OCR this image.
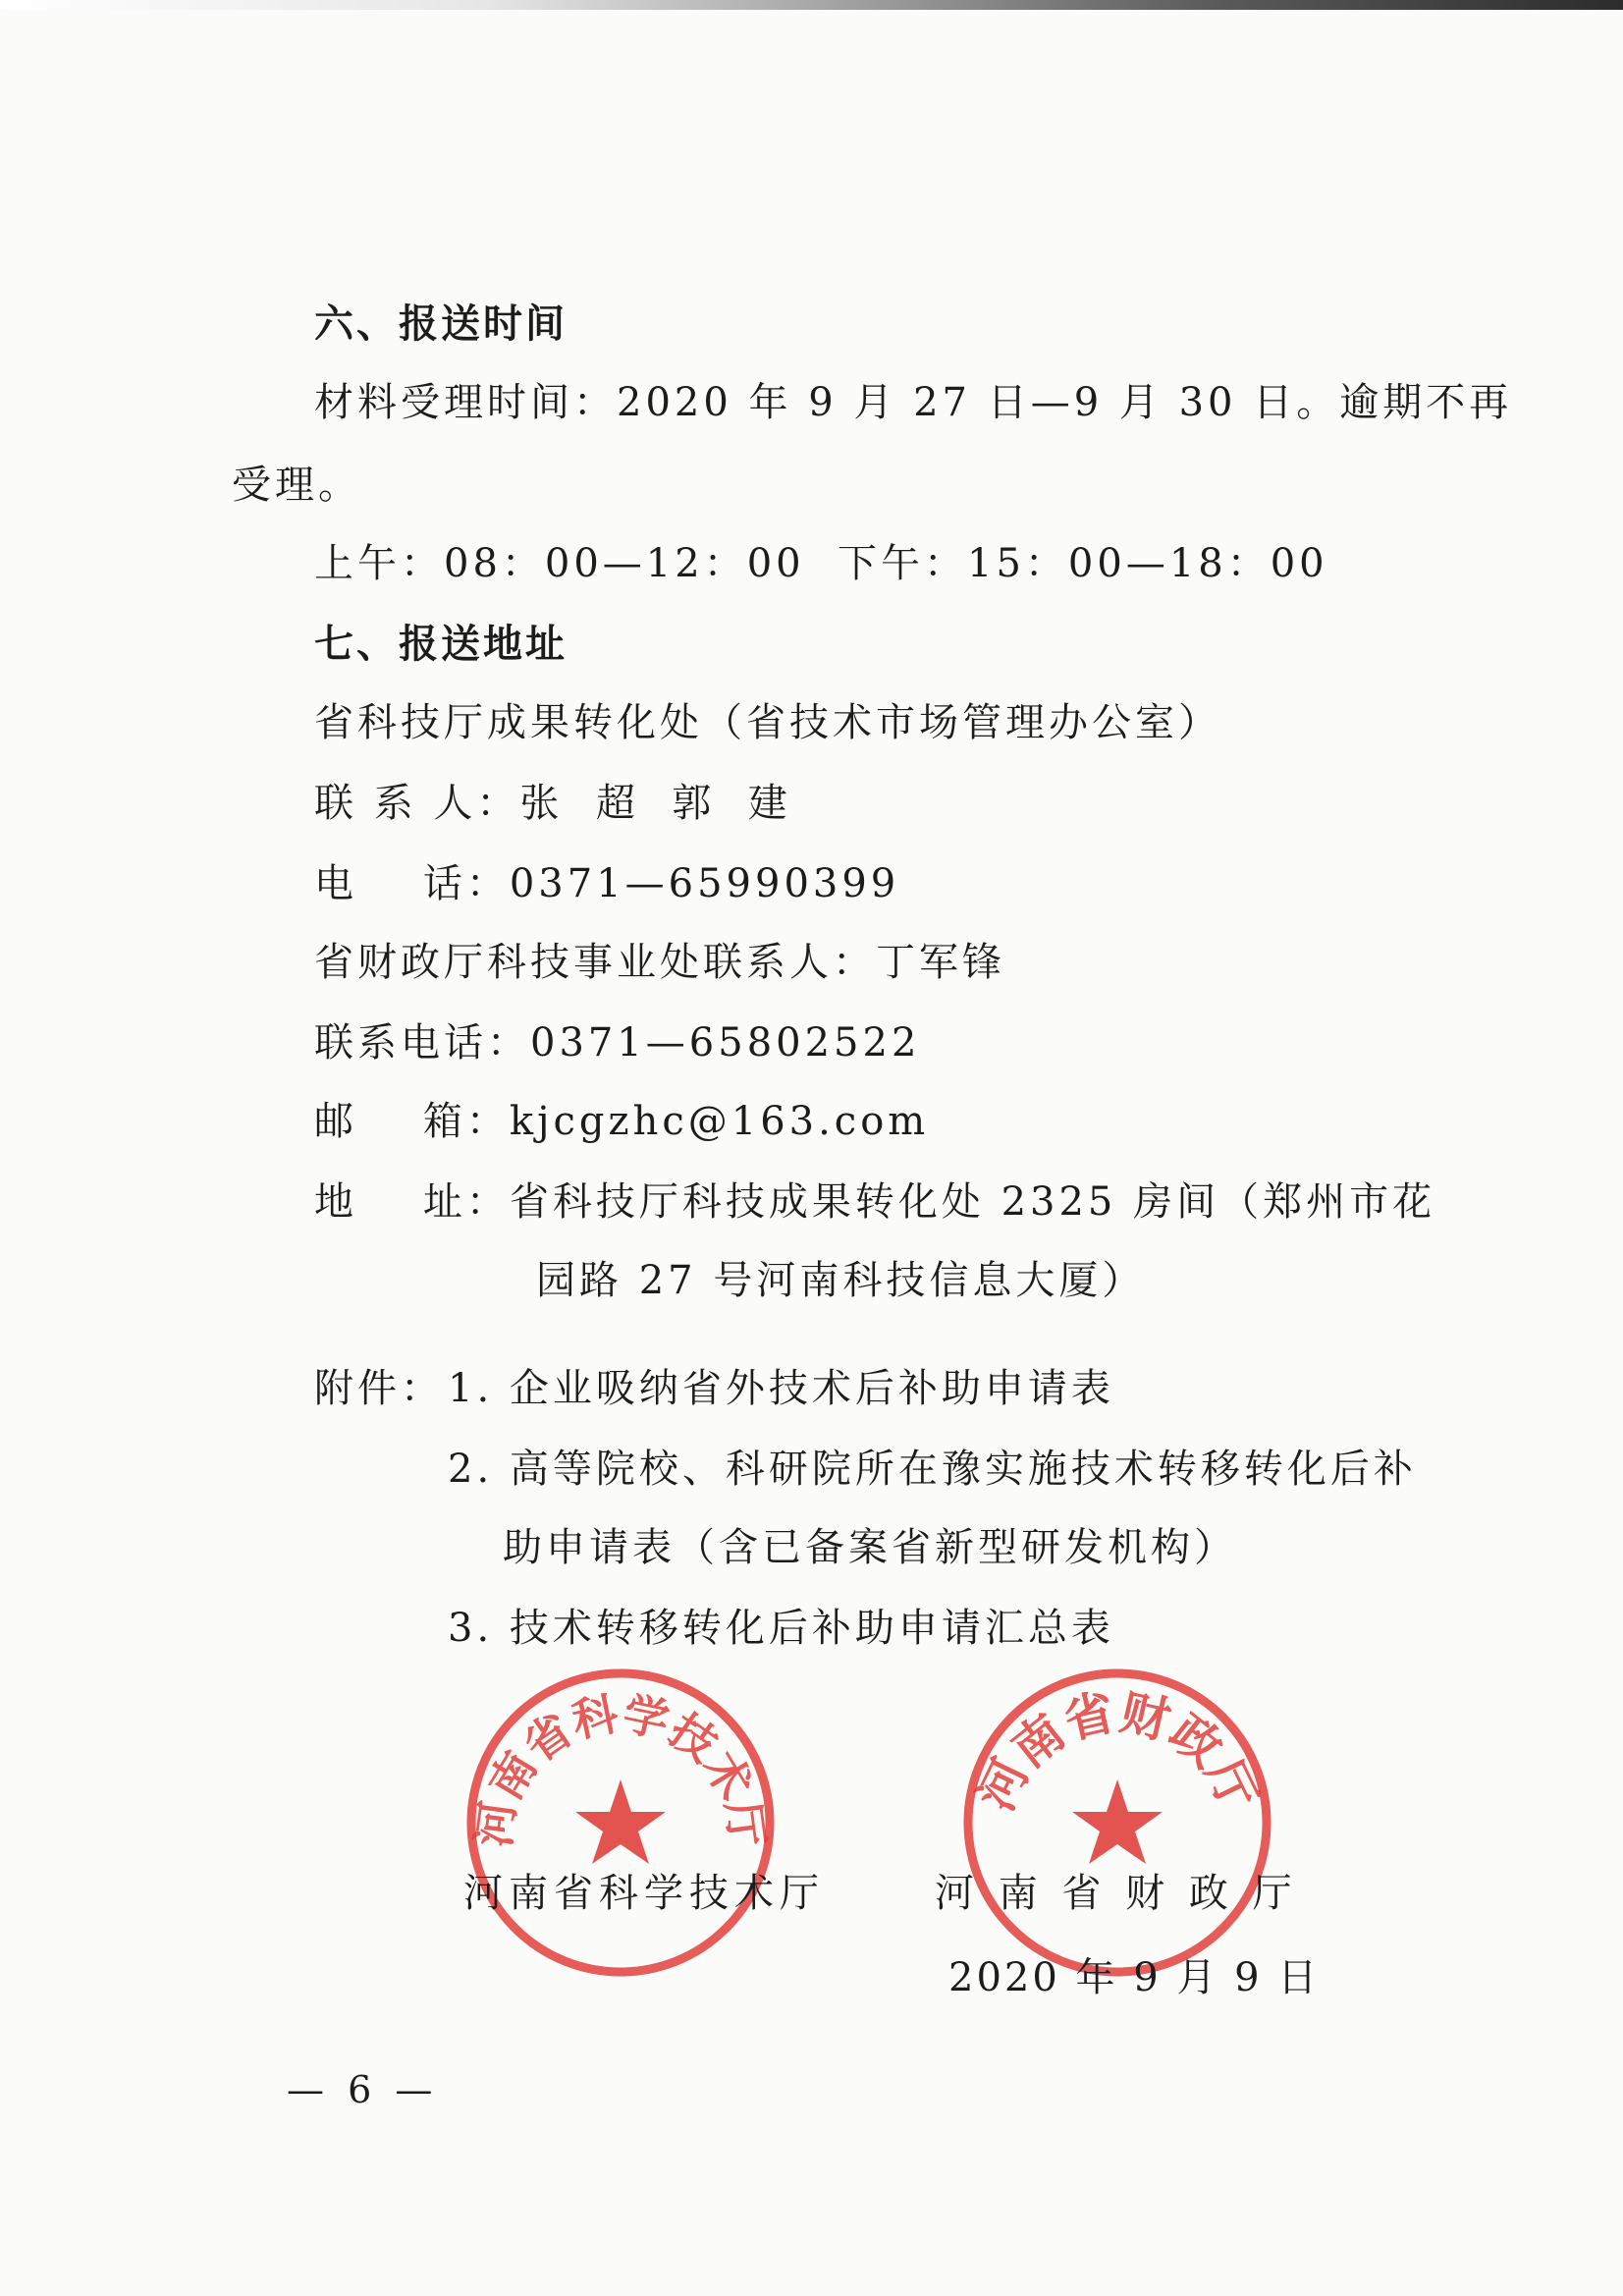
六、报送时间
材料受理时间：2020 年 9 月 27 日—9 月 30 日。逾期不再
受理。
上午：08：00—12：00  下午：15：00—18：00
七、报送地址
省科技厅成果转化处（省技术市场管理办公室）
联 系 人：张  超  郭  建
电    话：0371—65990399
省财政厅科技事业处联系人：丁军锋
联系电话：0371—65802522
邮    箱：kjcgzhc@163.com
地    址：省科技厅科技成果转化处 2325 房间（郑州市花
园路 27 号河南科技信息大厦）
附件： 1. 企业吸纳省外技术后补助申请表
2. 高等院校、科研院所在豫实施技术转移转化后补
助申请表（含已备案省新型研发机构）
3. 技术转移转化后补助申请汇总表
河南省科学技术厅
河南省财政厅
河南省科学技术厅	河 南 省 财 政 厅
2020 年 9 月 9 日
— 6 —
